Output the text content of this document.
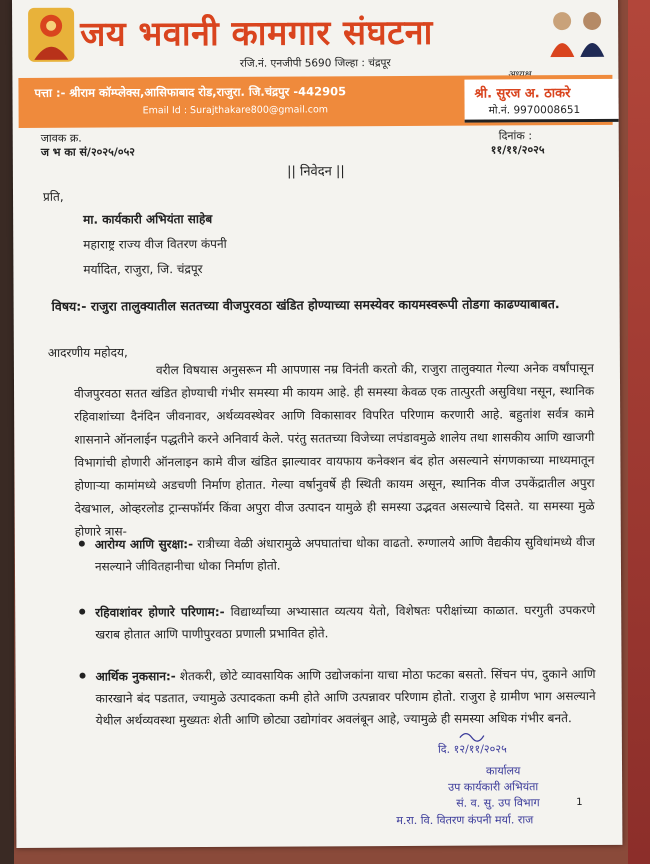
जय भवानी कामगार संघटना
रजि.नं. एनजीपी 5690 जिल्हा : चंद्रपूर
पत्ता :- श्रीराम कॉम्प्लेक्स,आसिफाबाद रोड,राजुरा. जि.चंद्रपुर -442905
Email Id : Surajthakare800@gmail.com
श्री. सुरज अ. ठाकरे
मो.नं. 9970008651
जावक क्र.
ज भ का सं/२०२५/०५२
दिनांक :
११/११/२०२५
|| निवेदन ||
प्रति,
मा. कार्यकारी अभियंता साहेब
महाराष्ट्र राज्य वीज वितरण कंपनी
मर्यादित, राजुरा, जि. चंद्रपूर
विषय:- राजुरा तालुक्यातील सततच्या वीजपुरवठा खंडित होण्याच्या समस्येवर कायमस्वरूपी तोडगा काढण्याबाबत.
आदरणीय महोदय,
वरील विषयास अनुसरून मी आपणास नम्र विनंती करतो की, राजुरा तालुक्यात गेल्या अनेक वर्षांपासून वीजपुरवठा सतत खंडित होण्याची गंभीर समस्या मी कायम आहे. ही समस्या केवळ एक तात्पुरती असुविधा नसून, स्थानिक रहिवाशांच्या दैनंदिन जीवनावर, अर्थव्यवस्थेवर आणि विकासावर विपरित परिणाम करणारी आहे. बहुतांश सर्वत्र कामे शासनाने ऑनलाईन पद्धतीने करने अनिवार्य केले. परंतु सततच्या विजेच्या लपंडावमुळे शालेय तथा शासकीय आणि खाजगी विभागांची होणारी ऑनलाइन कामे वीज खंडित झाल्यावर वायफाय कनेक्शन बंद होत असल्याने संगणकाच्या माध्यमातून होणाऱ्या कामांमध्ये अडचणी निर्माण होतात. गेल्या वर्षानुवर्षे ही स्थिती कायम असून, स्थानिक वीज उपकेंद्रातील अपुरा देखभाल, ओव्हरलोड ट्रान्सफॉर्मर किंवा अपुरा वीज उत्पादन यामुळे ही समस्या उद्भवत असल्याचे दिसते. या समस्या मुळे होणारे त्रास-
आरोग्य आणि सुरक्षा:- रात्रीच्या वेळी अंधारामुळे अपघातांचा धोका वाढतो. रुग्णालये आणि वैद्यकीय सुविधांमध्ये वीज नसल्याने जीवितहानीचा धोका निर्माण होतो.
रहिवाशांवर होणारे परिणाम:- विद्यार्थ्यांच्या अभ्यासात व्यत्यय येतो, विशेषतः परीक्षांच्या काळात. घरगुती उपकरणे खराब होतात आणि पाणीपुरवठा प्रणाली प्रभावित होते.
आर्थिक नुकसान:- शेतकरी, छोटे व्यावसायिक आणि उद्योजकांना याचा मोठा फटका बसतो. सिंचन पंप, दुकाने आणि कारखाने बंद पडतात, ज्यामुळे उत्पादकता कमी होते आणि उत्पन्नावर परिणाम होतो. राजुरा हे ग्रामीण भाग असल्याने येथील अर्थव्यवस्था मुख्यतः शेती आणि छोट्या उद्योगांवर अवलंबून आहे, ज्यामुळे ही समस्या अधिक गंभीर बनते.
दि. १२/११/२०२५
कार्यालय
उप कार्यकारी अभियंता
सं. व. सु. उप विभाग
म.रा. वि. वितरण कंपनी मर्या. राज
1
